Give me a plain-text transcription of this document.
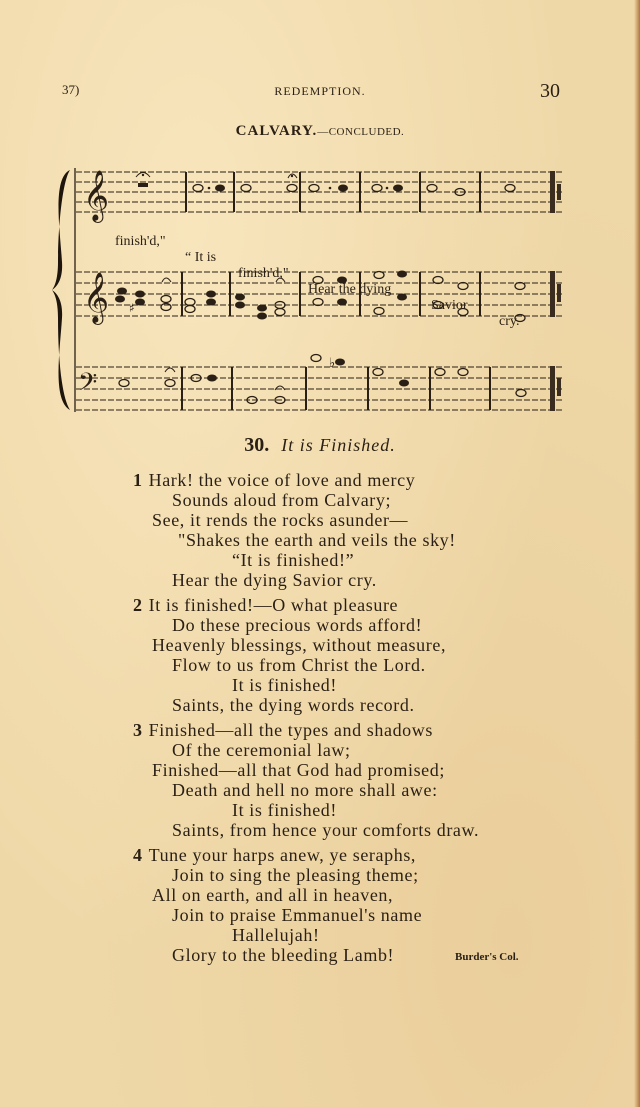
37)	REDEMPTION.	30
CALVARY.—CONCLUDED.
𝄞
𝄞 ♯
𝄢
♭

finish'd,"

“ It is

finish'd,"

Hear the dying

Savior

cry.

30. It is Finished.
1 Hark! the voice of love and mercy
Sounds aloud from Calvary;
See, it rends the rocks asunder—
"Shakes the earth and veils the sky!
“It is finished!”
Hear the dying Savior cry.
2 It is finished!—O what pleasure
Do these precious words afford!
Heavenly blessings, without measure,
Flow to us from Christ the Lord.
It is finished!
Saints, the dying words record.
3 Finished—all the types and shadows
Of the ceremonial law;
Finished—all that God had promised;
Death and hell no more shall awe:
It is finished!
Saints, from hence your comforts draw.
4 Tune your harps anew, ye seraphs,
Join to sing the pleasing theme;
All on earth, and all in heaven,
Join to praise Emmanuel's name
Hallelujah!
Glory to the bleeding Lamb!	Burder's Col.
